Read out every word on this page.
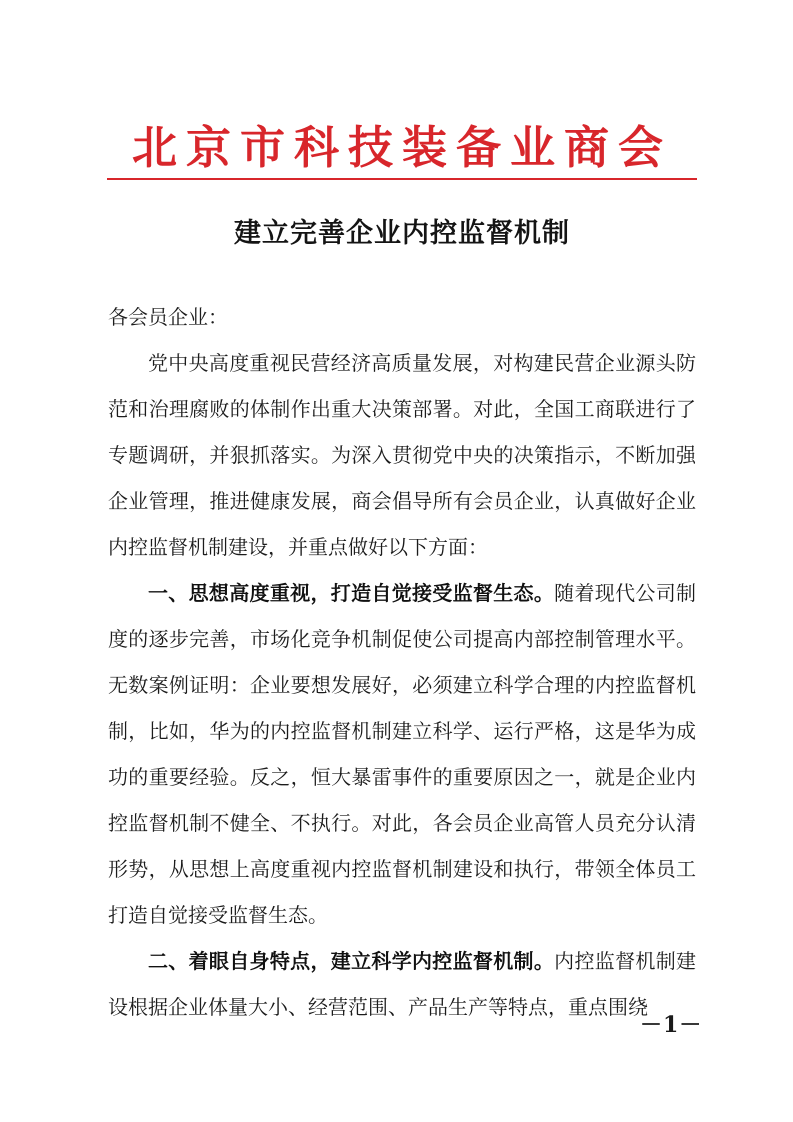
北京市科技装备业商会
建立完善企业内控监督机制

各会员企业：

党中央高度重视民营经济高质量发展，对构建民营企业源头防范和治理腐败的体制作出重大决策部署。对此，全国工商联进行了专题调研，并狠抓落实。为深入贯彻党中央的决策指示，不断加强企业管理，推进健康发展，商会倡导所有会员企业，认真做好企业内控监督机制建设，并重点做好以下方面：

一、思想高度重视，打造自觉接受监督生态。随着现代公司制度的逐步完善，市场化竞争机制促使公司提高内部控制管理水平。无数案例证明：企业要想发展好，必须建立科学合理的内控监督机制，比如，华为的内控监督机制建立科学、运行严格，这是华为成功的重要经验。反之，恒大暴雷事件的重要原因之一，就是企业内控监督机制不健全、不执行。对此，各会员企业高管人员充分认清形势，从思想上高度重视内控监督机制建设和执行，带领全体员工打造自觉接受监督生态。

二、着眼自身特点，建立科学内控监督机制。内控监督机制建设根据企业体量大小、经营范围、产品生产等特点，重点围绕

－1－
